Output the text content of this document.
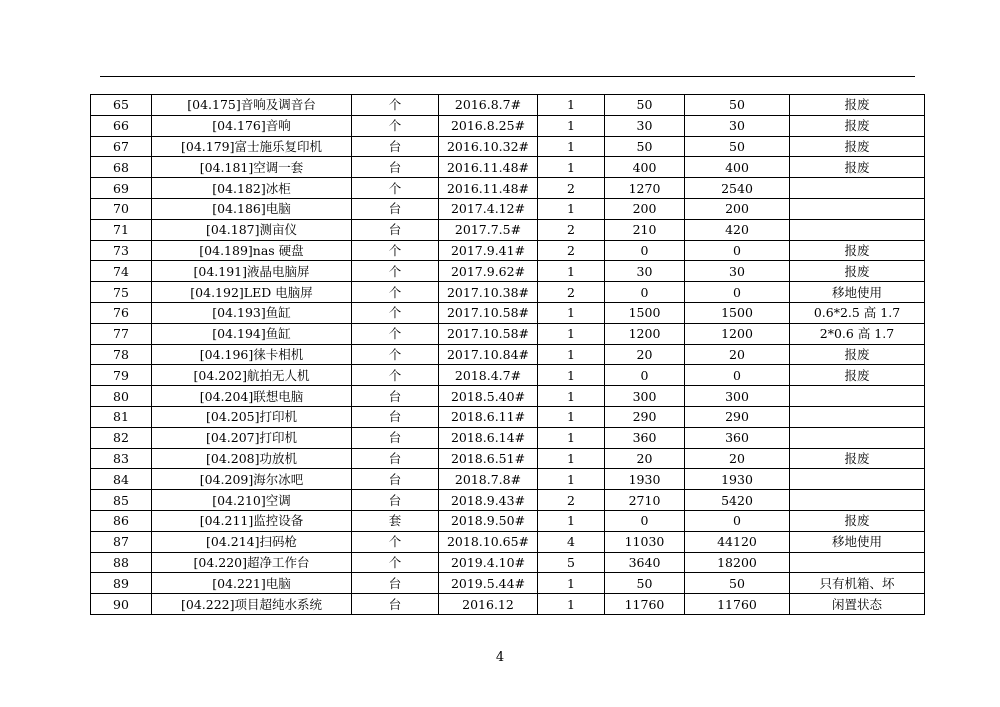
65	[04.175]音响及调音台	个	2016.8.7#	1	50	50	报废
66	[04.176]音响	个	2016.8.25#	1	30	30	报废
67	[04.179]富士施乐复印机	台	2016.10.32#	1	50	50	报废
68	[04.181]空调一套	台	2016.11.48#	1	400	400	报废
69	[04.182]冰柜	个	2016.11.48#	2	1270	2540	
70	[04.186]电脑	台	2017.4.12#	1	200	200	
71	[04.187]测亩仪	台	2017.7.5#	2	210	420	
73	[04.189]nas 硬盘	个	2017.9.41#	2	0	0	报废
74	[04.191]液晶电脑屏	个	2017.9.62#	1	30	30	报废
75	[04.192]LED 电脑屏	个	2017.10.38#	2	0	0	移地使用
76	[04.193]鱼缸	个	2017.10.58#	1	1500	1500	0.6*2.5 高 1.7
77	[04.194]鱼缸	个	2017.10.58#	1	1200	1200	2*0.6 高 1.7
78	[04.196]徕卡相机	个	2017.10.84#	1	20	20	报废
79	[04.202]航拍无人机	个	2018.4.7#	1	0	0	报废
80	[04.204]联想电脑	台	2018.5.40#	1	300	300	
81	[04.205]打印机	台	2018.6.11#	1	290	290	
82	[04.207]打印机	台	2018.6.14#	1	360	360	
83	[04.208]功放机	台	2018.6.51#	1	20	20	报废
84	[04.209]海尔冰吧	台	2018.7.8#	1	1930	1930	
85	[04.210]空调	台	2018.9.43#	2	2710	5420	
86	[04.211]监控设备	套	2018.9.50#	1	0	0	报废
87	[04.214]扫码枪	个	2018.10.65#	4	11030	44120	移地使用
88	[04.220]超净工作台	个	2019.4.10#	5	3640	18200	
89	[04.221]电脑	台	2019.5.44#	1	50	50	只有机箱、坏
90	[04.222]项目超纯水系统	台	2016.12	1	11760	11760	闲置状态
4
